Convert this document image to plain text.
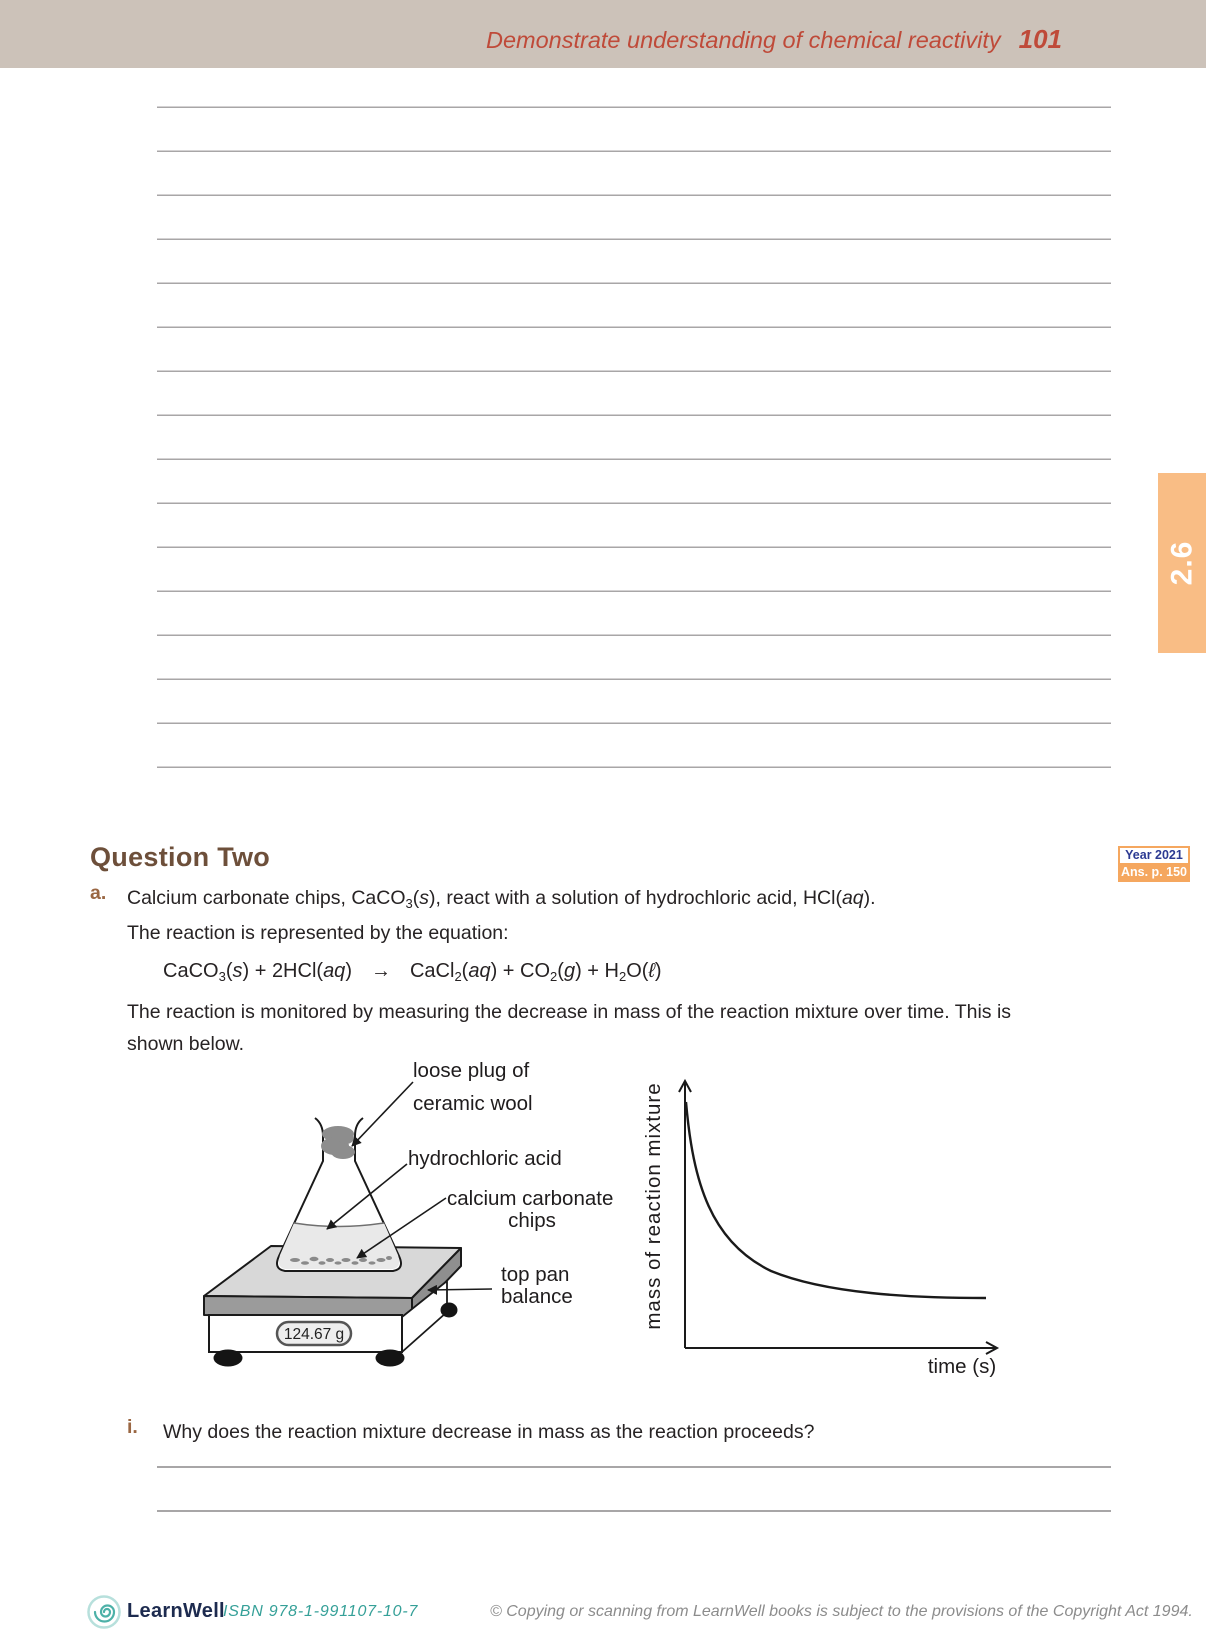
Demonstrate understanding of chemical reactivity 101
2.6
Question Two	Year 2021
Ans. p. 150
a. Calcium carbonate chips, CaCO$_3$(s), react with a solution of hydrochloric acid, HCl(aq).

The reaction is represented by the equation:

CaCO$_3$(s) + 2HCl(aq) → CaCl$_2$(aq) + $CO_2(g)$ + $H_2O(\ell)$

The reaction is monitored by measuring the decrease in mass of the reaction mixture over time. This is shown below.

124.67 g
loose plug of
ceramic wool
hydrochloric acid
calcium carbonate
chips
top pan
balance	mass of reaction mixture
time (s)
i. Why does the reaction mixture decrease in mass as the reaction proceeds?

LearnWell
ISBN 978-1-991107-10-7	© Copying or scanning from LearnWell books is subject to the provisions of the Copyright Act 1994.
